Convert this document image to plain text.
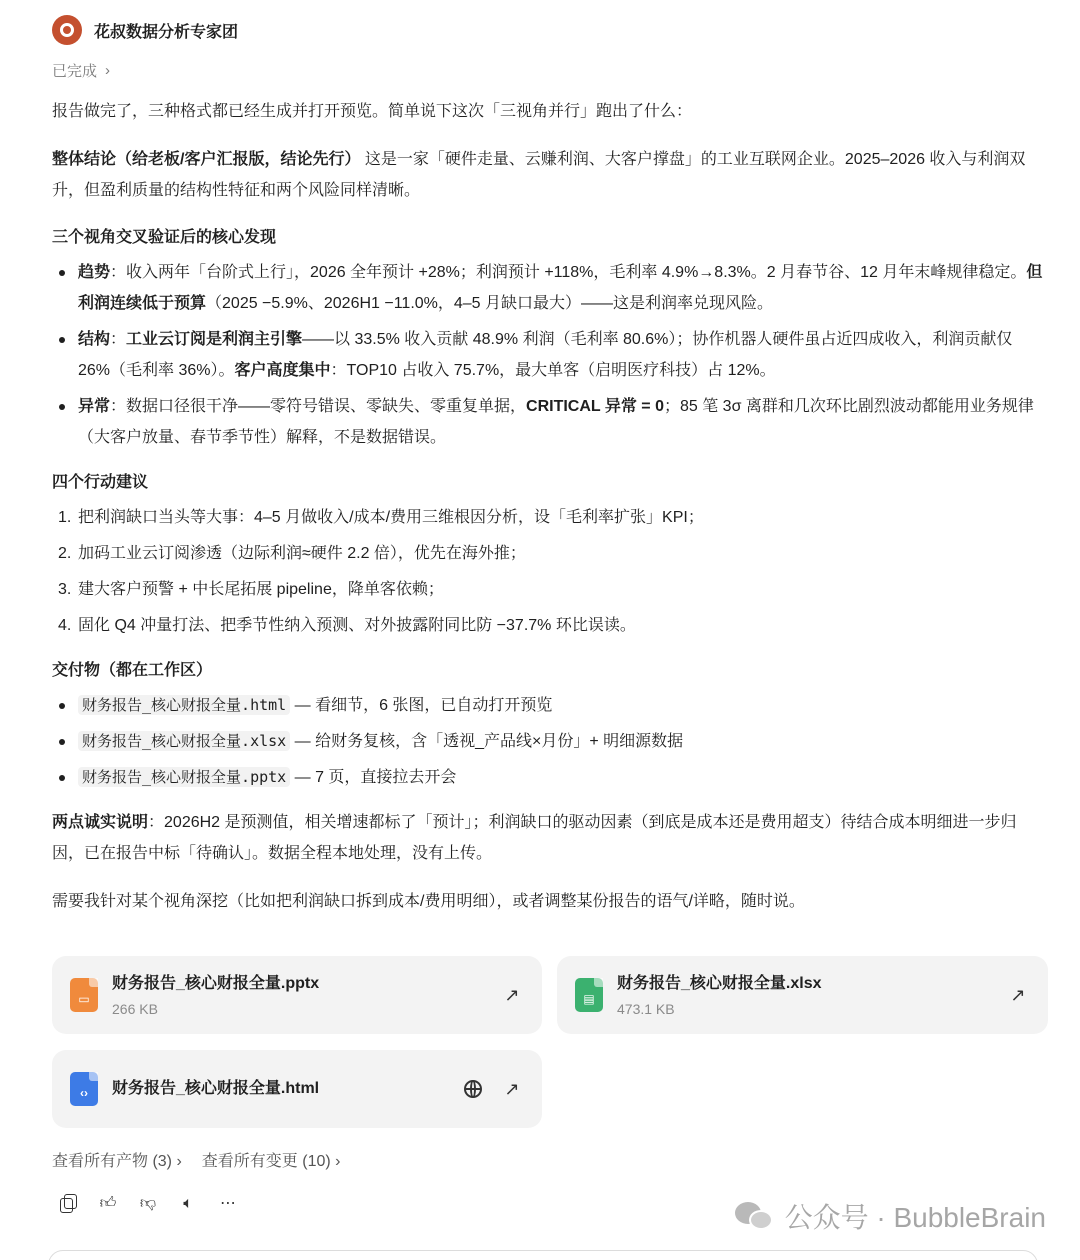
花叔数据分析专家团
已完成 ›

报告做完了，三种格式都已经生成并打开预览。简单说下这次「三视角并行」跑出了什么：

整体结论（给老板/客户汇报版，结论先行） 这是一家「硬件走量、云赚利润、大客户撑盘」的工业互联网企业。2025–2026 收入与利润双升，但盈利质量的结构性特征和两个风险同样清晰。

三个视角交叉验证后的核心发现
趋势：收入两年「台阶式上行」，2026 全年预计 +28%；利润预计 +118%，毛利率 4.9%→8.3%。2 月春节谷、12 月年末峰规律稳定。但利润连续低于预算（2025 −5.9%、2026H1 −11.0%，4–5 月缺口最大）——这是利润率兑现风险。
结构：工业云订阅是利润主引擎——以 33.5% 收入贡献 48.9% 利润（毛利率 80.6%）；协作机器人硬件虽占近四成收入，利润贡献仅 26%（毛利率 36%）。客户高度集中：TOP10 占收入 75.7%，最大单客（启明医疗科技）占 12%。
异常：数据口径很干净——零符号错误、零缺失、零重复单据，CRITICAL 异常 = 0；85 笔 3σ 离群和几次环比剧烈波动都能用业务规律（大客户放量、春节季节性）解释，不是数据错误。
四个行动建议
1. 把利润缺口当头等大事：4–5 月做收入/成本/费用三维根因分析，设「毛利率扩张」KPI；
2. 加码工业云订阅渗透（边际利润≈硬件 2.2 倍），优先在海外推；
3. 建大客户预警 + 中长尾拓展 pipeline，降单客依赖；
4. 固化 Q4 冲量打法、把季节性纳入预测、对外披露附同比防 −37.7% 环比误读。
交付物（都在工作区）
财务报告_核心财报全量.html — 看细节，6 张图，已自动打开预览
财务报告_核心财报全量.xlsx — 给财务复核，含「透视_产品线×月份」+ 明细源数据
财务报告_核心财报全量.pptx — 7 页，直接拉去开会

两点诚实说明：2026H2 是预测值，相关增速都标了「预计」；利润缺口的驱动因素（到底是成本还是费用超支）待结合成本明细进一步归因，已在报告中标「待确认」。数据全程本地处理，没有上传。

需要我针对某个视角深挖（比如把利润缺口拆到成本/费用明细），或者调整某份报告的语气/详略，随时说。

▭
财务报告_核心财报全量.pptx
266 KB
↗	▤
财务报告_核心财报全量.xlsx
473.1 KB
↗
‹›	财务报告_核心财报全量.html	↗
查看所有产物 (3) › 查看所有变更 (10) ›
👍︎ 👎︎	🔈︎	⋯	公众号 · BubbleBrain
